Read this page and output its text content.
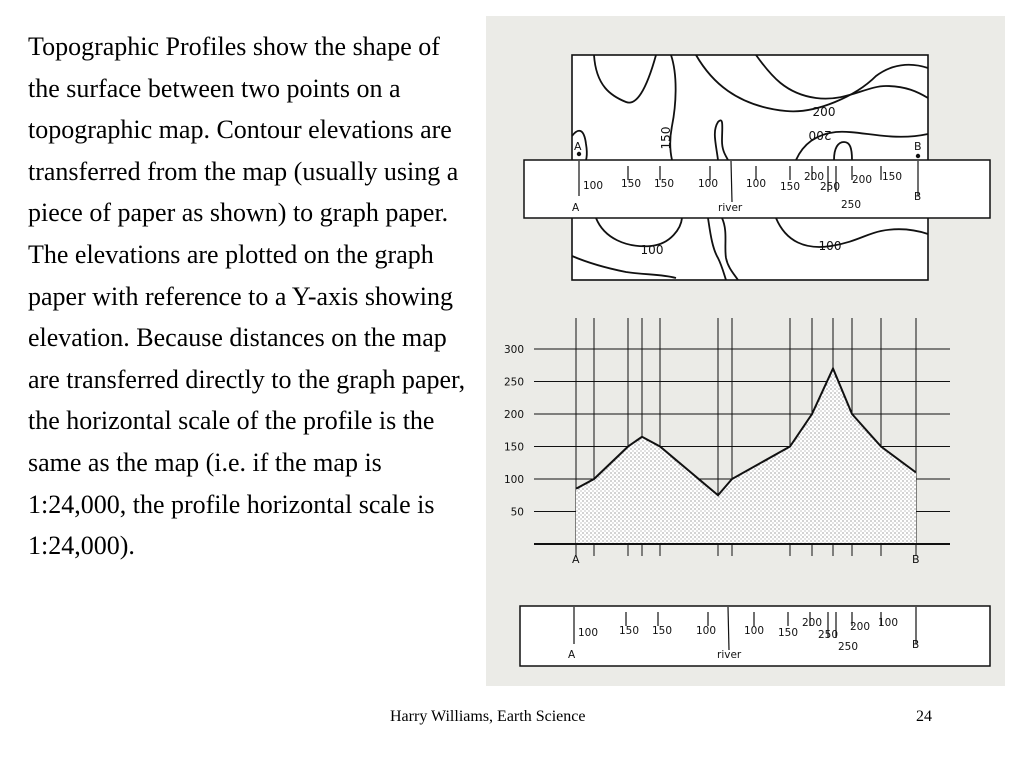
Topographic Profiles show the shape of the surface between two points on a topographic map. Contour elevations are transferred from the map (usually using a piece of paper as shown) to graph paper. The elevations are plotted on the graph paper with reference to a Y-axis showing elevation. Because distances on the map are transferred directly to the graph paper, the horizontal scale of the profile is the same as the map (i.e. if the map is 1:24,000, the profile horizontal scale is 1:24,000).
200
150	200
100	100
A	B
100 150 150 100	100 150
200
250
200 150
250
river
A
B
50
100
150
200
250
300
A	B
100 150 150 100	100 150
200
250
200 100
250
river
A
B
Harry Williams, Earth Science	24
